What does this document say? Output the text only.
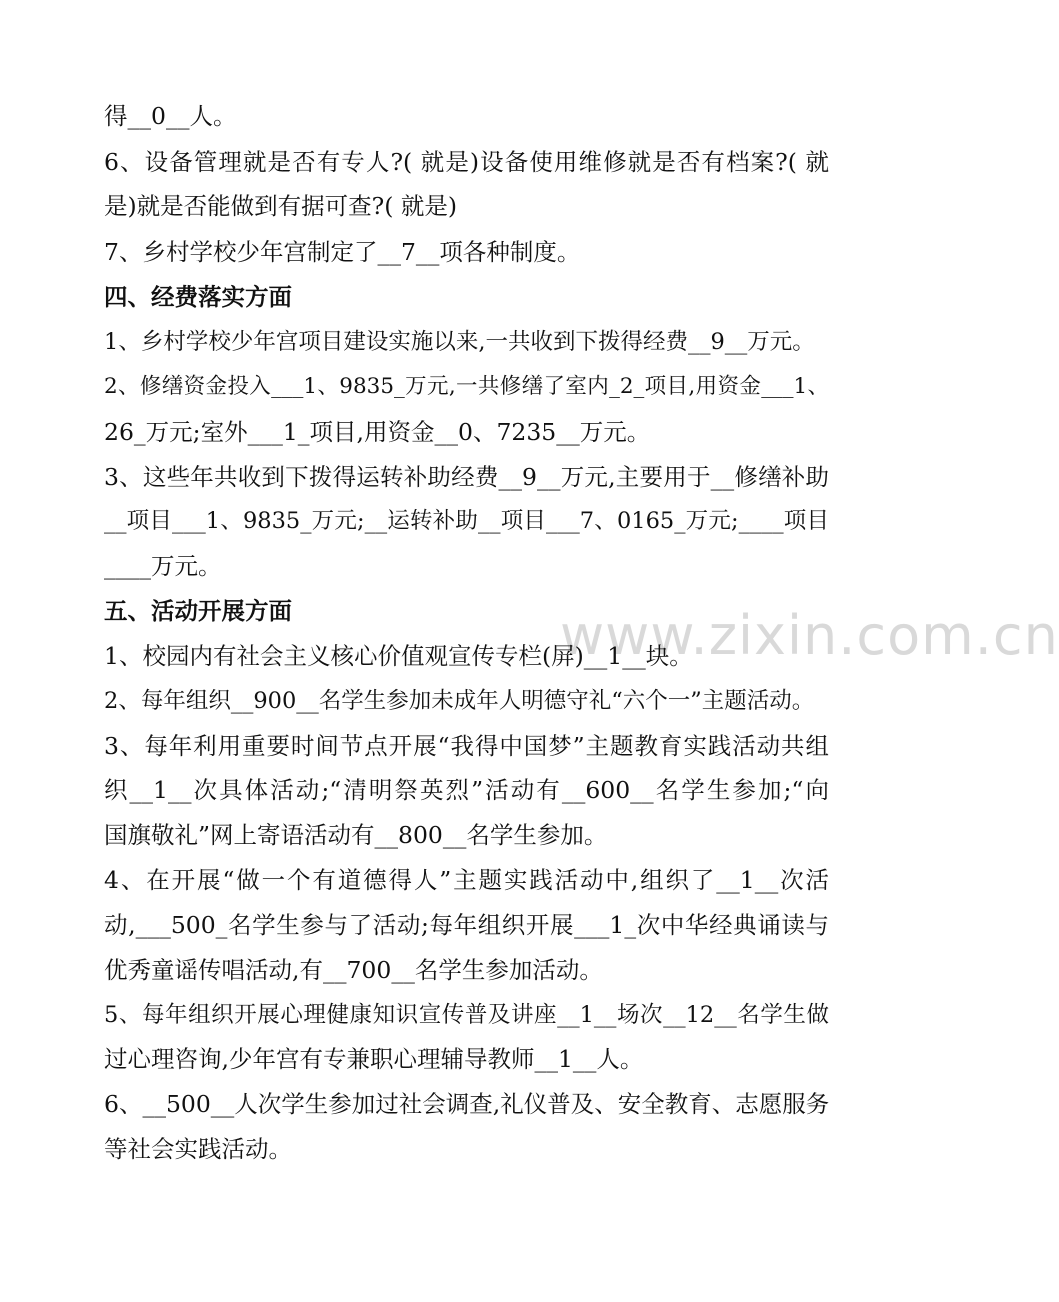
www.zixin.com.cn
得__0__人。
6、设备管理就是否有专人?( 就是)设备使用维修就是否有档案?( 就
是)就是否能做到有据可查?( 就是)
7、乡村学校少年宫制定了__7__项各种制度。
四、经费落实方面
1、乡村学校少年宫项目建设实施以来,一共收到下拨得经费__9__万元。
2、修缮资金投入___1、9835_万元,一共修缮了室内_2_项目,用资金___1、
26_万元;室外___1_项目,用资金__0、7235__万元。
3、这些年共收到下拨得运转补助经费__9__万元,主要用于__修缮补助
__项目___1、9835_万元;__运转补助__项目___7、0165_万元;____项目
____万元。
五、活动开展方面
1、校园内有社会主义核心价值观宣传专栏(屏)__1__块。
2、每年组织__900__名学生参加未成年人明德守礼“六个一”主题活动。
3、每年利用重要时间节点开展“我得中国梦”主题教育实践活动共组
织__1__次具体活动;“清明祭英烈”活动有__600__名学生参加;“向
国旗敬礼”网上寄语活动有__800__名学生参加。
4、在开展“做一个有道德得人”主题实践活动中,组织了__1__次活
动,___500_名学生参与了活动;每年组织开展___1_次中华经典诵读与
优秀童谣传唱活动,有__700__名学生参加活动。
5、每年组织开展心理健康知识宣传普及讲座__1__场次__12__名学生做
过心理咨询,少年宫有专兼职心理辅导教师__1__人。
6、__500__人次学生参加过社会调查,礼仪普及、安全教育、志愿服务
等社会实践活动。
